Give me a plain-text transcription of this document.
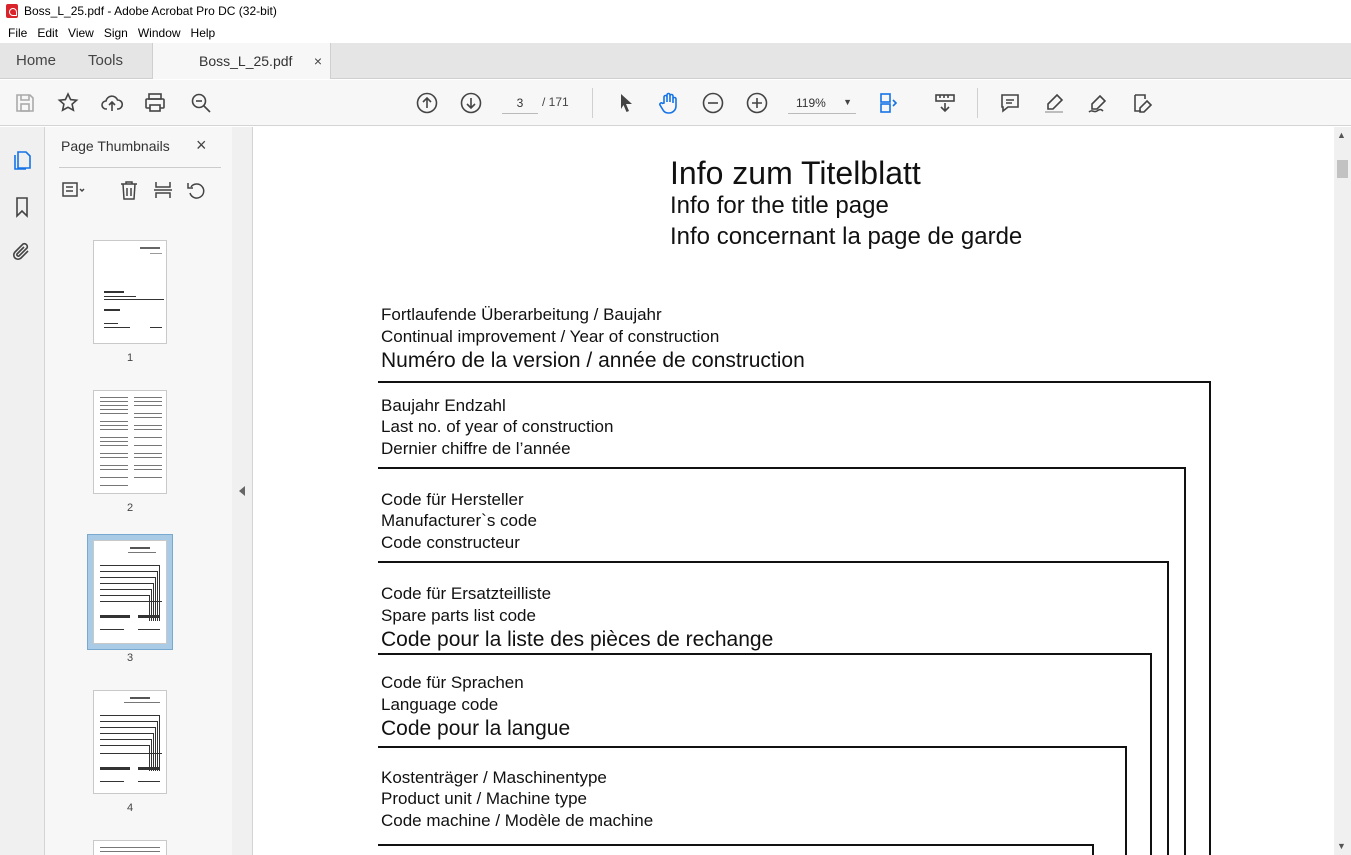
Boss_L_25.pdf - Adobe Acrobat Pro DC (32-bit)
File Edit View Sign Window Help
Home Tools	Boss_L_25.pdf ×
3
/ 171	119% ▼
Page Thumbnails ×
1
2
3
4
Info zum Titelblatt
Info for the title page
Info concernant la page de garde
Fortlaufende Überarbeitung / Baujahr
Continual improvement / Year of construction
Numéro de la version / année de construction
Baujahr Endzahl
Last no. of year of construction
Dernier chiffre de l’année
Code für Hersteller
Manufacturer`s code
Code constructeur
Code für Ersatzteilliste
Spare parts list code
Code pour la liste des pièces de rechange
Code für Sprachen
Language code
Code pour la langue
Kostenträger / Maschinentype
Product unit / Machine type
Code machine / Modèle de machine
▲
▼
